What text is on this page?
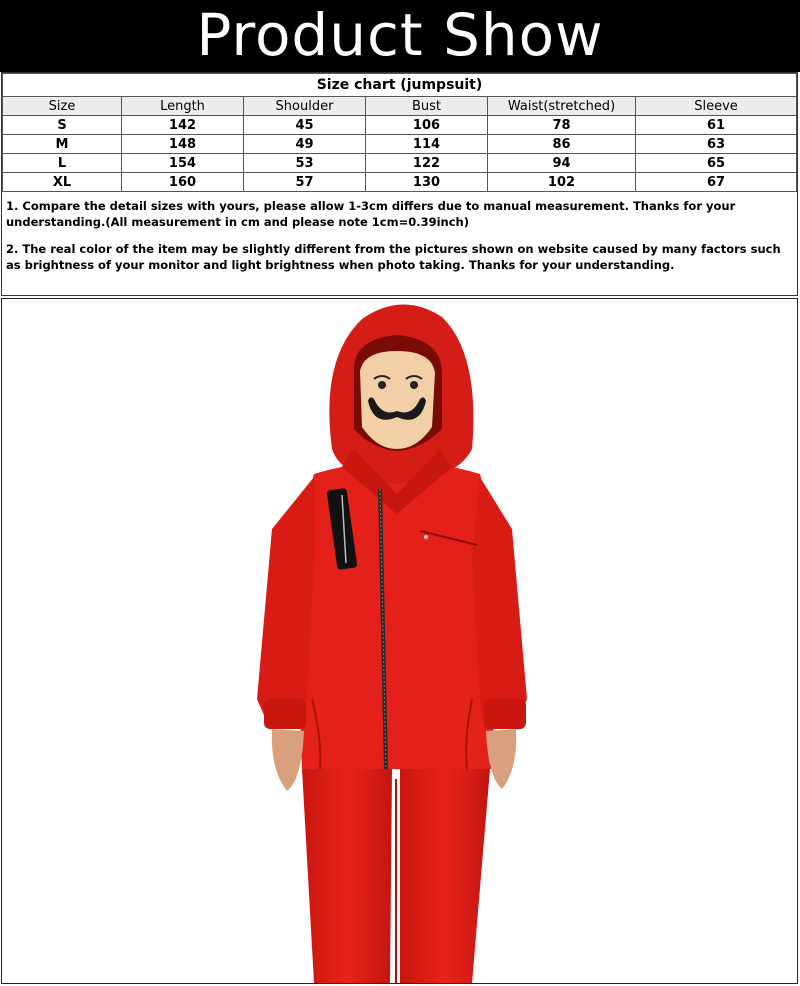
Product Show
Size chart (jumpsuit)					
Size	Length	Shoulder	Bust	Waist(stretched)	Sleeve
S	142	45	106	78	61
M	148	49	114	86	63
L	154	53	122	94	65
XL	160	57	130	102	67

1. Compare the detail sizes with yours, please allow 1-3cm differs due to manual measurement. Thanks for your understanding.(All measurement in cm and please note 1cm=0.39inch)

2. The real color of the item may be slightly different from the pictures shown on website caused by many factors such as brightness of your monitor and light brightness when photo taking. Thanks for your understanding.
